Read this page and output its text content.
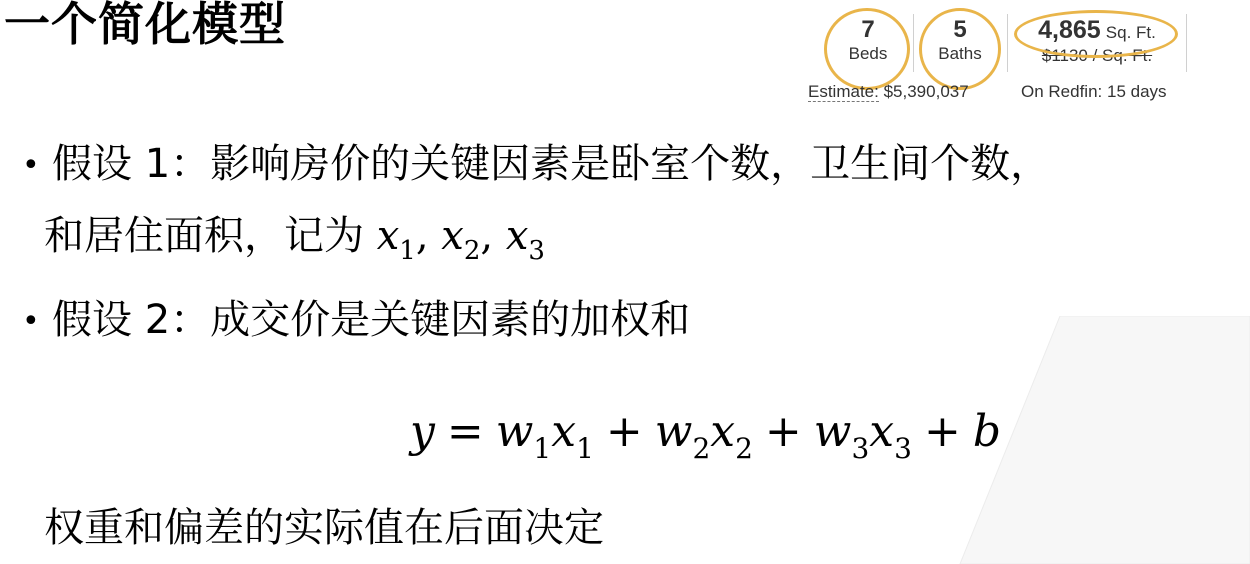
一个简化模型	7
Beds
5
Baths
4,865 Sq. Ft.
$1130 / Sq. Ft.
Estimate: $5,390,037	On Redfin: 15 days
• 假设 1：影响房价的关键因素是卧室个数，卫生间个数，
和居住面积，记为 $x_1$, $x_2$, $x_3$
• 假设 2：成交价是关键因素的加权和
$y = w_1x_1 + w_2x_2 + w_3x_3 + b$
权重和偏差的实际值在后面决定
